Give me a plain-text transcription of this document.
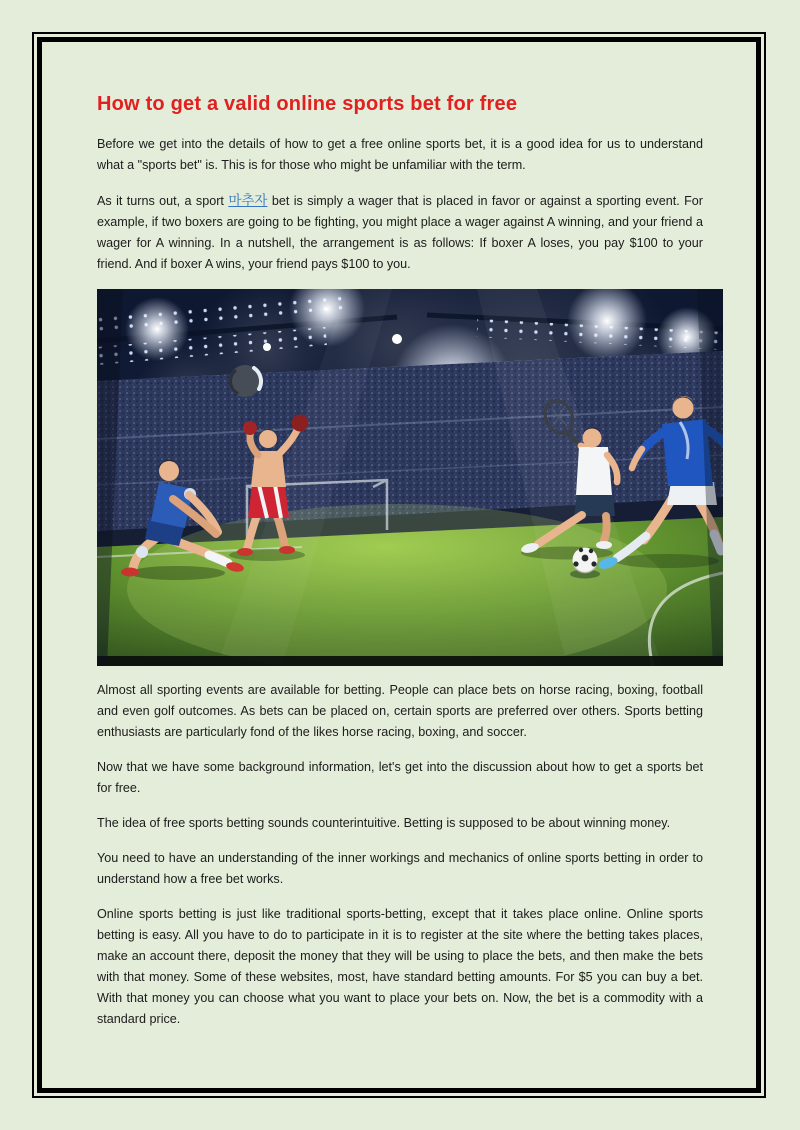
How to get a valid online sports bet for free

Before we get into the details of how to get a free online sports bet, it is a good idea for us to understand what a "sports bet" is. This is for those who might be unfamiliar with the term.

As it turns out, a sport 마추자 bet is simply a wager that is placed in favor or against a sporting event. For example, if two boxers are going to be fighting, you might place a wager against A winning, and your friend a wager for A winning. In a nutshell, the arrangement is as follows: If boxer A loses, you pay $100 to your friend. And if boxer A wins, your friend pays $100 to you.

Almost all sporting events are available for betting. People can place bets on horse racing, boxing, football and even golf outcomes. As bets can be placed on, certain sports are preferred over others. Sports betting enthusiasts are particularly fond of the likes horse racing, boxing, and soccer.

Now that we have some background information, let's get into the discussion about how to get a sports bet for free.

The idea of free sports betting sounds counterintuitive. Betting is supposed to be about winning money.

You need to have an understanding of the inner workings and mechanics of online sports betting in order to understand how a free bet works.

Online sports betting is just like traditional sports-betting, except that it takes place online. Online sports betting is easy. All you have to do to participate in it is to register at the site where the betting takes places, make an account there, deposit the money that they will be using to place the bets, and then make the bets with that money. Some of these websites, most, have standard betting amounts. For $5 you can buy a bet. With that money you can choose what you want to place your bets on. Now, the bet is a commodity with a standard price.
